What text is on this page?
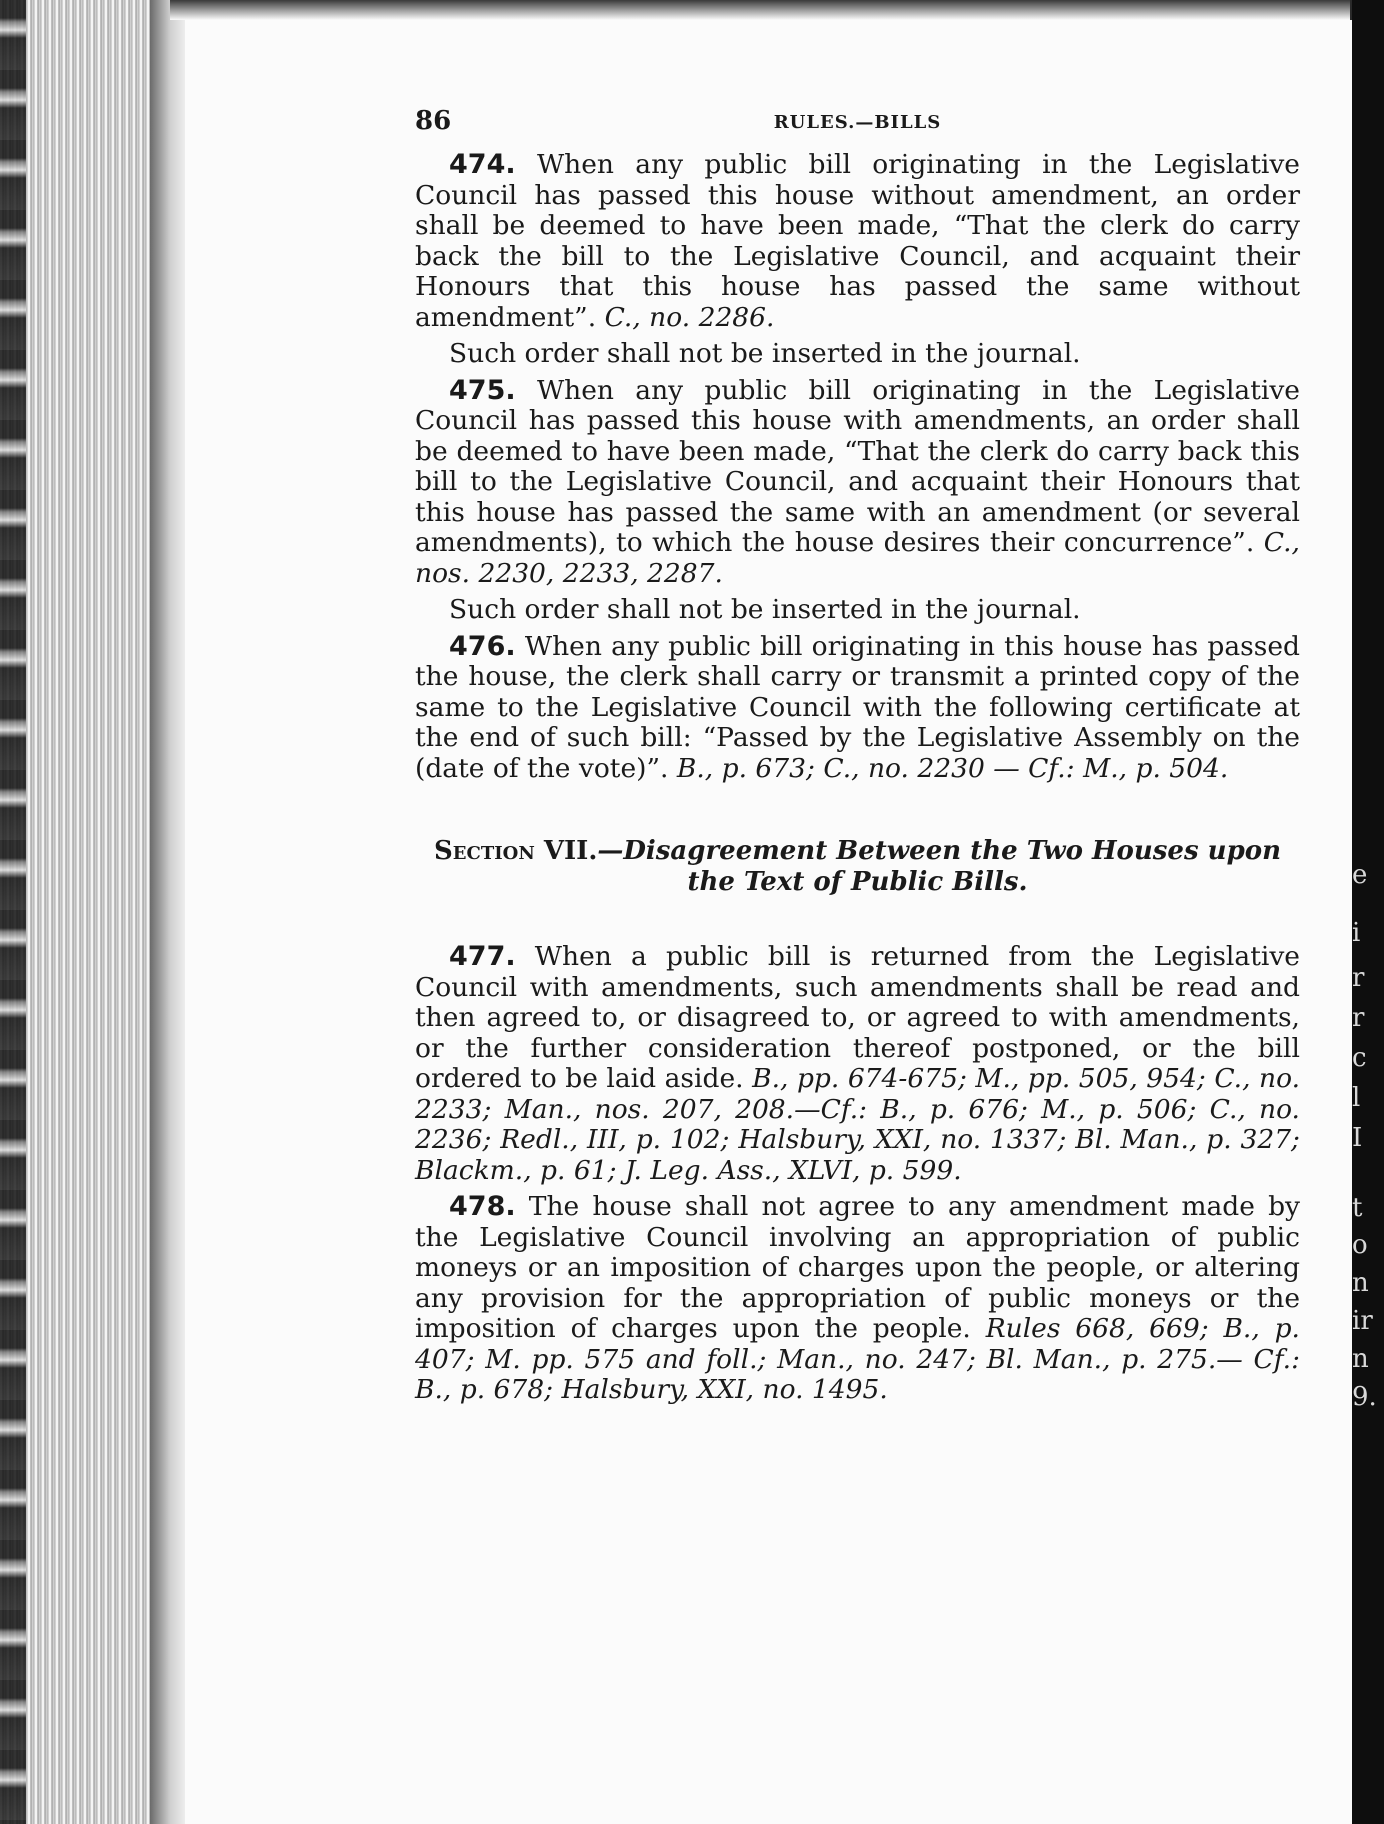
e
i
r
r
c
l
I
t
o
n
ir
n
9.
86	RULES.—BILLS

474. When any public bill originating in the Legislative Council has passed this house without amendment, an order shall be deemed to have been made, “That the clerk do carry back the bill to the Legislative Council, and acquaint their Honours that this house has passed the same without amendment”. C., no. 2286.

Such order shall not be inserted in the journal.

475. When any public bill originating in the Legislative Council has passed this house with amendments, an order shall be deemed to have been made, “That the clerk do carry back this bill to the Legislative Council, and acquaint their Honours that this house has passed the same with an amendment (or several amendments), to which the house desires their concurrence”. C., nos. 2230, 2233, 2287.

Such order shall not be inserted in the journal.

476. When any public bill originating in this house has passed the house, the clerk shall carry or transmit a printed copy of the same to the Legislative Council with the following certificate at the end of such bill: “Passed by the Legislative Assembly on the (date of the vote)”. B., p. 673; C., no. 2230 — Cf.: M., p. 504.

Section VII.—Disagreement Between the Two Houses upon the Text of Public Bills.

477. When a public bill is returned from the Legislative Council with amendments, such amendments shall be read and then agreed to, or disagreed to, or agreed to with amendments, or the further consideration thereof postponed, or the bill ordered to be laid aside. B., pp. 674-675; M., pp. 505, 954; C., no. 2233; Man., nos. 207, 208.—Cf.: B., p. 676; M., p. 506; C., no. 2236; Redl., III, p. 102; Halsbury, XXI, no. 1337; Bl. Man., p. 327; Blackm., p. 61; J. Leg. Ass., XLVI, p. 599.

478. The house shall not agree to any amendment made by the Legislative Council involving an appropriation of public moneys or an imposition of charges upon the people, or altering any provision for the appropriation of public moneys or the imposition of charges upon the people. Rules 668, 669; B., p. 407; M. pp. 575 and foll.; Man., no. 247; Bl. Man., p. 275.— Cf.: B., p. 678; Halsbury, XXI, no. 1495.
